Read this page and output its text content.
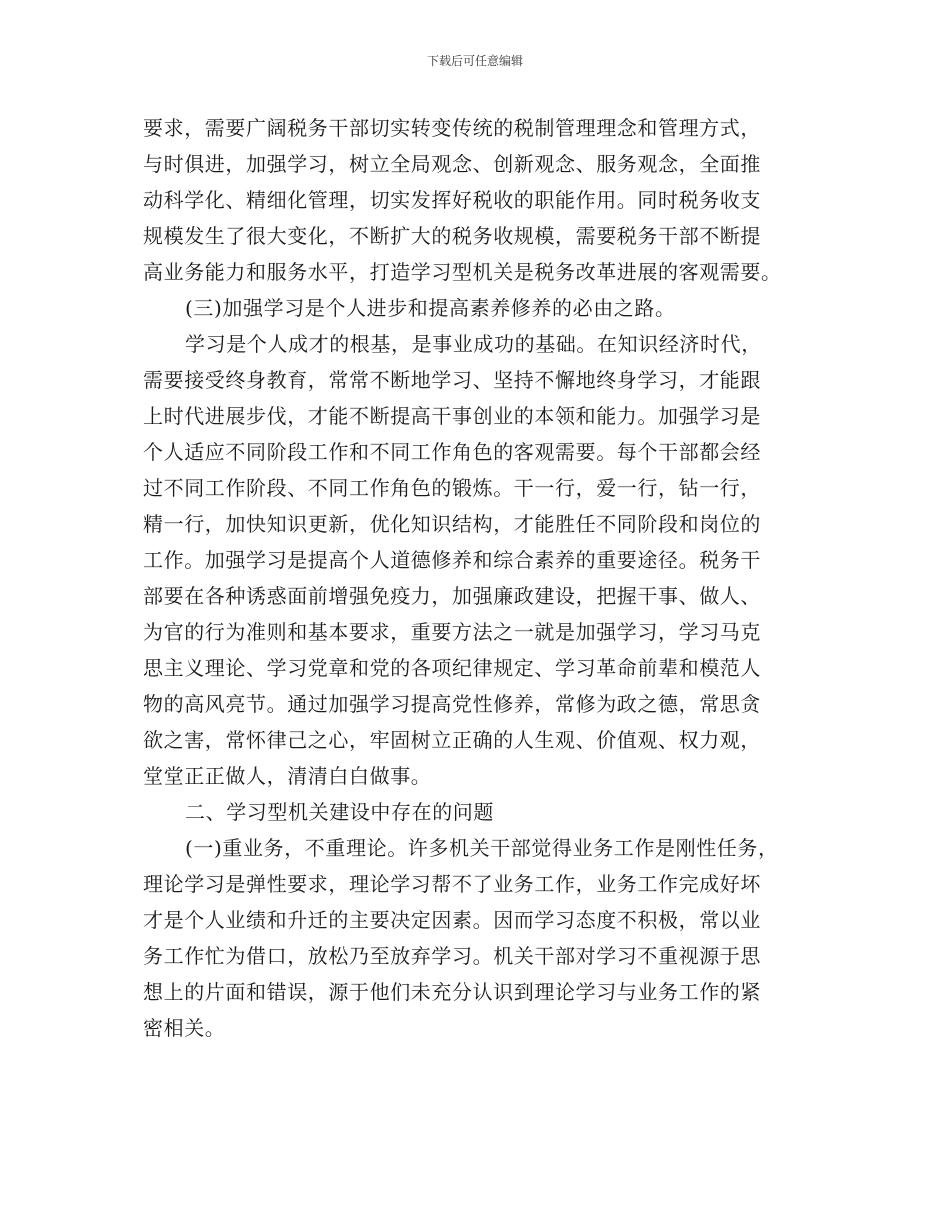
下载后可任意编辑
要求，需要广阔税务干部切实转变传统的税制管理理念和管理方式，
与时俱进，加强学习，树立全局观念、创新观念、服务观念，全面推
动科学化、精细化管理，切实发挥好税收的职能作用。同时税务收支
规模发生了很大变化，不断扩大的税务收规模，需要税务干部不断提
高业务能力和服务水平，打造学习型机关是税务改革进展的客观需要。
(三)加强学习是个人进步和提高素养修养的必由之路。
学习是个人成才的根基，是事业成功的基础。在知识经济时代，
需要接受终身教育，常常不断地学习、坚持不懈地终身学习，才能跟
上时代进展步伐，才能不断提高干事创业的本领和能力。加强学习是
个人适应不同阶段工作和不同工作角色的客观需要。每个干部都会经
过不同工作阶段、不同工作角色的锻炼。干一行，爱一行，钻一行，
精一行，加快知识更新，优化知识结构，才能胜任不同阶段和岗位的
工作。加强学习是提高个人道德修养和综合素养的重要途径。税务干
部要在各种诱惑面前增强免疫力，加强廉政建设，把握干事、做人、
为官的行为准则和基本要求，重要方法之一就是加强学习，学习马克
思主义理论、学习党章和党的各项纪律规定、学习革命前辈和模范人
物的高风亮节。通过加强学习提高党性修养，常修为政之德，常思贪
欲之害，常怀律己之心，牢固树立正确的人生观、价值观、权力观，
堂堂正正做人，清清白白做事。
二、学习型机关建设中存在的问题
(一)重业务，不重理论。许多机关干部觉得业务工作是刚性任务，
理论学习是弹性要求，理论学习帮不了业务工作，业务工作完成好坏
才是个人业绩和升迁的主要决定因素。因而学习态度不积极，常以业
务工作忙为借口，放松乃至放弃学习。机关干部对学习不重视源于思
想上的片面和错误，源于他们未充分认识到理论学习与业务工作的紧
密相关。
